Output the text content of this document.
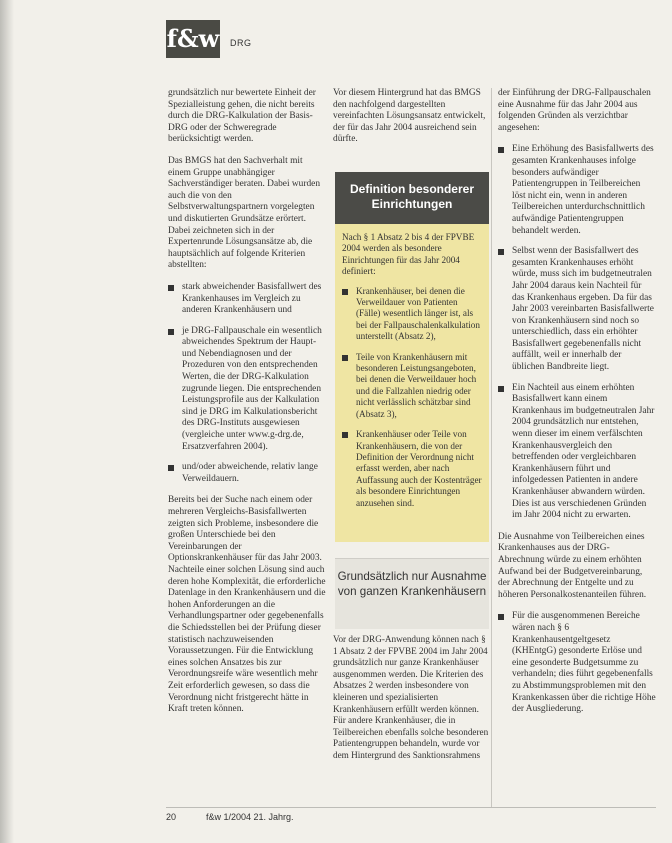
f&w DRG

grundsätzlich nur bewertete Einheit der Spezialleistung gehen, die nicht bereits durch die DRG-Kalkulation der Basis-DRG oder der Schweregrade berücksichtigt werden.

Das BMGS hat den Sachverhalt mit einem Gruppe unabhängiger Sachverständiger beraten. Dabei wurden auch die von den Selbstverwaltungspartnern vorgelegten und diskutierten Grundsätze erörtert. Dabei zeichneten sich in der Expertenrunde Lösungsansätze ab, die hauptsächlich auf folgende Kriterien abstellten:

stark abweichender Basisfallwert des Krankenhauses im Vergleich zu anderen Krankenhäusern und
je DRG-Fallpauschale ein wesentlich abweichendes Spektrum der Haupt- und Nebendiagnosen und der Prozeduren von den entsprechenden Werten, die der DRG-Kalkulation zugrunde liegen. Die entsprechenden Leistungsprofile aus der Kalkulation sind je DRG im Kalkulationsbericht des DRG-Instituts ausgewiesen (vergleiche unter www.g-drg.de, Ersatzverfahren 2004).
und/oder abweichende, relativ lange Verweildauern.

Bereits bei der Suche nach einem oder mehreren Vergleichs-Basisfallwerten zeigten sich Probleme, insbesondere die großen Unterschiede bei den Vereinbarungen der Optionskrankenhäuser für das Jahr 2003. Nachteile einer solchen Lösung sind auch deren hohe Komplexität, die erforderliche Datenlage in den Krankenhäusern und die hohen Anforderungen an die Verhandlungspartner oder gegebenenfalls die Schiedsstellen bei der Prüfung dieser statistisch nachzuweisenden Voraussetzungen. Für die Entwicklung eines solchen Ansatzes bis zur Verordnungsreife wäre wesentlich mehr Zeit erforderlich gewesen, so dass die Verordnung nicht fristgerecht hätte in Kraft treten können.

Vor diesem Hintergrund hat das BMGS den nachfolgend dargestellten vereinfachten Lösungsansatz entwickelt, der für das Jahr 2004 ausreichend sein dürfte.

Definition besonderer Einrichtungen

Nach § 1 Absatz 2 bis 4 der FPVBE 2004 werden als besondere Einrichtungen für das Jahr 2004 definiert:

Krankenhäuser, bei denen die Verweildauer von Patienten (Fälle) wesentlich länger ist, als bei der Fallpauschalenkalkulation unterstellt (Absatz 2),
Teile von Krankenhäusern mit besonderen Leistungsangeboten, bei denen die Verweildauer hoch und die Fallzahlen niedrig oder nicht verlässlich schätzbar sind (Absatz 3),
Krankenhäuser oder Teile von Krankenhäusern, die von der Definition der Verordnung nicht erfasst werden, aber nach Auffassung auch der Kostenträger als besondere Einrichtungen anzusehen sind.
Grundsätzlich nur Ausnahme von ganzen Krankenhäusern

Vor der DRG-Anwendung können nach § 1 Absatz 2 der FPVBE 2004 im Jahr 2004 grundsätzlich nur ganze Krankenhäuser ausgenommen werden. Die Kriterien des Absatzes 2 werden insbesondere von kleineren und spezialisierten Krankenhäusern erfüllt werden können. Für andere Krankenhäuser, die in Teilbereichen ebenfalls solche besonderen Patientengruppen behandeln, wurde vor dem Hintergrund des Sanktionsrahmens

der Einführung der DRG-Fallpauschalen eine Ausnahme für das Jahr 2004 aus folgenden Gründen als verzichtbar angesehen:

Eine Erhöhung des Basisfallwerts des gesamten Krankenhauses infolge besonders aufwändiger Patientengruppen in Teilbereichen löst nicht ein, wenn in anderen Teilbereichen unterdurchschnittlich aufwändige Patientengruppen behandelt werden.
Selbst wenn der Basisfallwert des gesamten Krankenhauses erhöht würde, muss sich im budgetneutralen Jahr 2004 daraus kein Nachteil für das Krankenhaus ergeben. Da für das Jahr 2003 vereinbarten Basisfallwerte von Krankenhäusern sind noch so unterschiedlich, dass ein erhöhter Basisfallwert gegebenenfalls nicht auffällt, weil er innerhalb der üblichen Bandbreite liegt.
Ein Nachteil aus einem erhöhten Basisfallwert kann einem Krankenhaus im budgetneutralen Jahr 2004 grundsätzlich nur entstehen, wenn dieser im einem verfälschten Krankenhausvergleich den betreffenden oder vergleichbaren Krankenhäusern führt und infolgedessen Patienten in andere Krankenhäuser abwandern würden. Dies ist aus verschiedenen Gründen im Jahr 2004 nicht zu erwarten.

Die Ausnahme von Teilbereichen eines Krankenhauses aus der DRG-Abrechnung würde zu einem erhöhten Aufwand bei der Budgetvereinbarung, der Abrechnung der Entgelte und zu höheren Personalkostenanteilen führen.

Für die ausgenommenen Bereiche wären nach § 6 Krankenhausentgeltgesetz (KHEntgG) gesonderte Erlöse und eine gesonderte Budgetsumme zu verhandeln; dies führt gegebenenfalls zu Abstimmungsproblemen mit den Krankenkassen über die richtige Höhe der Ausgliederung.
20	f&w 1/2004 21. Jahrg.
